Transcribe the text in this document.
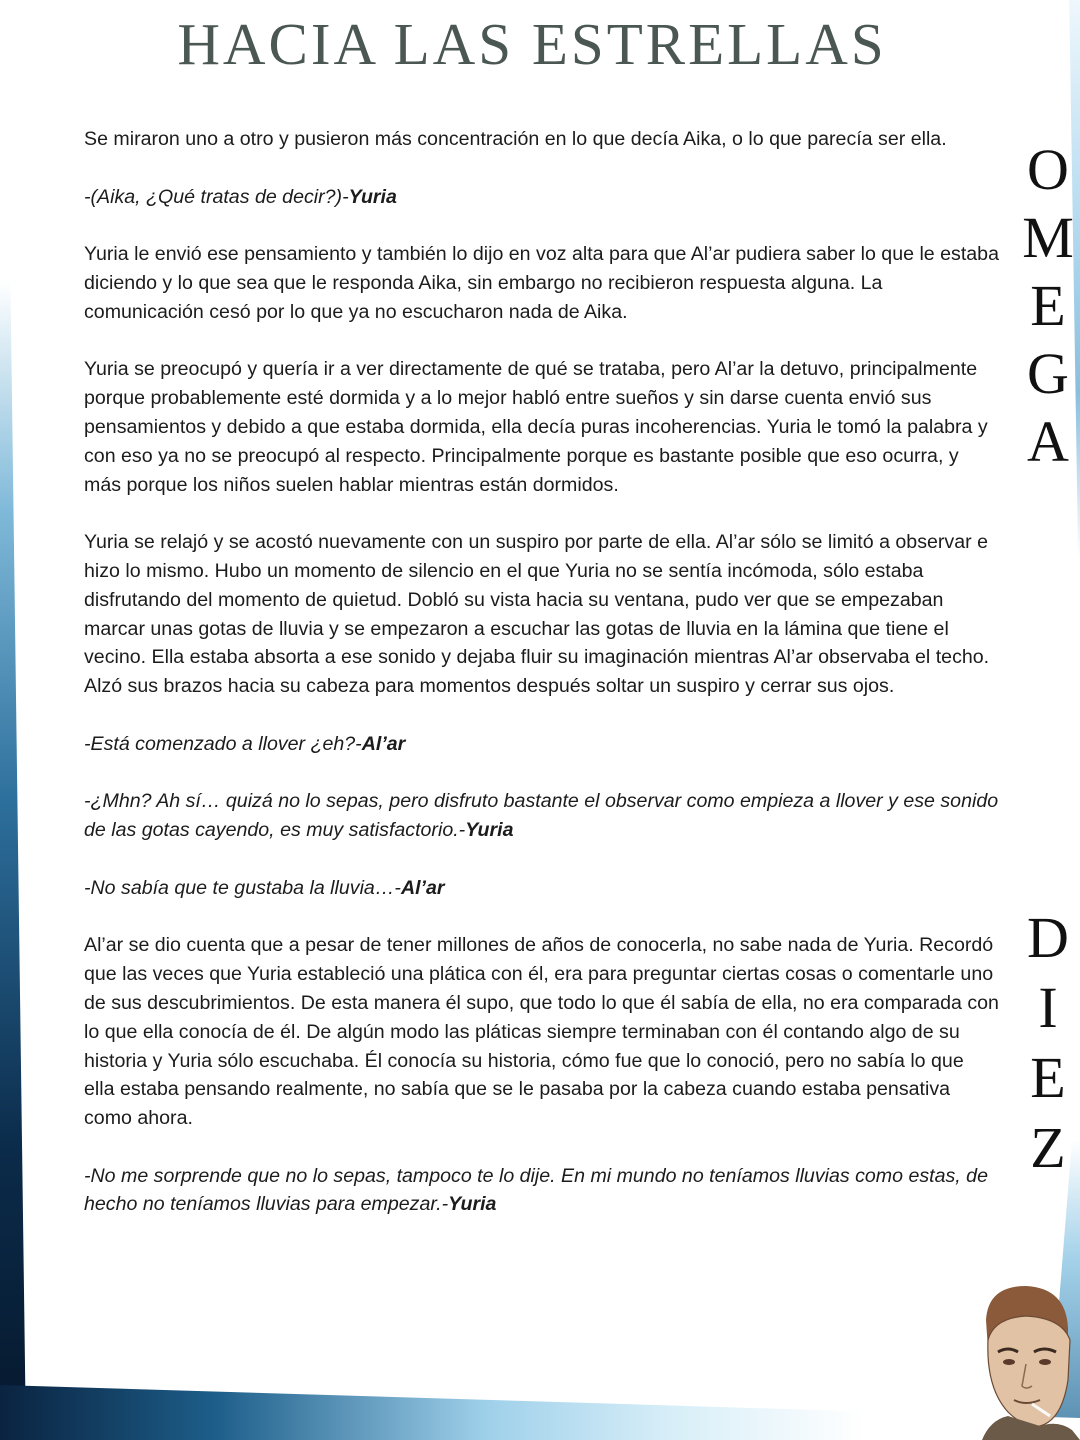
HACIA LAS ESTRELLAS

Se miraron uno a otro y pusieron más concentración en lo que decía Aika, o lo que parecía ser ella.

-(Aika, ¿Qué tratas de decir?)-Yuria

Yuria le envió ese pensamiento y también lo dijo en voz alta para que Al’ar pudiera saber lo que le estaba diciendo y lo que sea que le responda Aika, sin embargo no recibieron respuesta alguna. La comunicación cesó por lo que ya no escucharon nada de Aika.

Yuria se preocupó y quería ir a ver directamente de qué se trataba, pero Al’ar la detuvo, principalmente porque probablemente esté dormida y a lo mejor habló entre sueños y sin darse cuenta envió sus pensamientos y debido a que estaba dormida, ella decía puras incoherencias. Yuria le tomó la palabra y con eso ya no se preocupó al respecto. Principalmente porque es bastante posible que eso ocurra, y más porque los niños suelen hablar mientras están dormidos.

Yuria se relajó y se acostó nuevamente con un suspiro por parte de ella. Al’ar sólo se limitó a observar e hizo lo mismo. Hubo un momento de silencio en el que Yuria no se sentía incómoda, sólo estaba disfrutando del momento de quietud. Dobló su vista hacia su ventana, pudo ver que se empezaban marcar unas gotas de lluvia y se empezaron a escuchar las gotas de lluvia en la lámina que tiene el vecino. Ella estaba absorta a ese sonido y dejaba fluir su imaginación mientras Al’ar observaba el techo. Alzó sus brazos hacia su cabeza para momentos después soltar un suspiro y cerrar sus ojos.

-Está comenzado a llover ¿eh?-Al’ar

-¿Mhn? Ah sí… quizá no lo sepas, pero disfruto bastante el observar como empieza a llover y ese sonido de las gotas cayendo, es muy satisfactorio.-Yuria

-No sabía que te gustaba la lluvia…-Al’ar

Al’ar se dio cuenta que a pesar de tener millones de años de conocerla, no sabe nada de Yuria. Recordó que las veces que Yuria estableció una plática con él, era para preguntar ciertas cosas o comentarle uno de sus descubrimientos. De esta manera él supo, que todo lo que él sabía de ella, no era comparada con lo que ella conocía de él. De algún modo las pláticas siempre terminaban con él contando algo de su historia y Yuria sólo escuchaba. Él conocía su historia, cómo fue que lo conoció, pero no sabía lo que ella estaba pensando realmente, no sabía que se le pasaba por la cabeza cuando estaba pensativa como ahora.

-No me sorprende que no lo sepas, tampoco te lo dije. En mi mundo no teníamos lluvias como estas, de hecho no teníamos lluvias para empezar.-Yuria

O
M
E
G
A
D
I
E
Z
